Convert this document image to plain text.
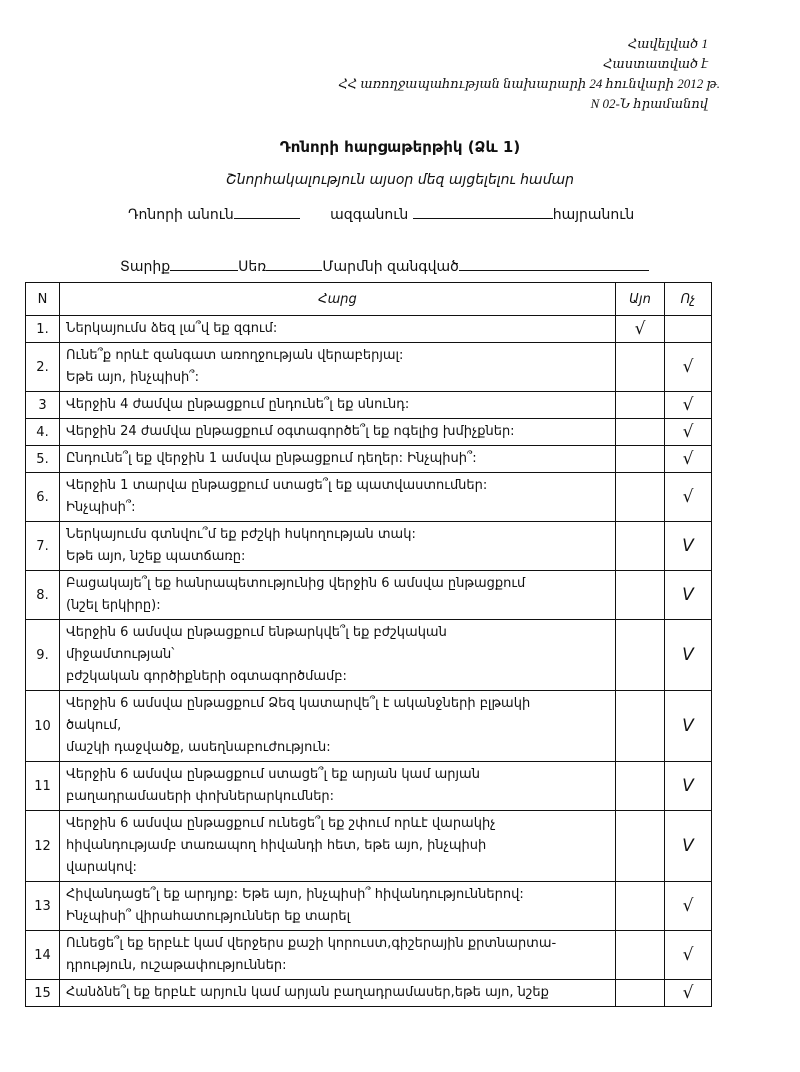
Հավելված 1
Հաստատված է
ՀՀ առողջապահության նախարարի 24 հունվարի 2012 թ.
N 02-Ն հրամանով
Դոնորի հարցաթերթիկ (Ձև 1)
Շնորհակալություն այսօր մեզ այցելելու համար
Դոնորի անուն	ազգանուն	հայրանուն
Տարիք	Սեռ	Մարմնի զանգված
N	Հարց	Այո	Ոչ
1.	Ներկայումս ձեզ լա՞վ եք զգում:	√	
2.	Ունե՞ք որևէ զանգատ առողջության վերաբերյալ:
Եթե այո, ինչպիսի՞:		√
3	Վերջին 4 ժամվա ընթացքում ընդունե՞լ եք սնունդ:		√
4.	Վերջին 24 ժամվա ընթացքում օգտագործե՞լ եք ոգելից խմիչքներ:		√
5.	Ընդունե՞լ եք վերջին 1 ամսվա ընթացքում դեղեր: Ինչպիսի՞:		√
6.	Վերջին 1 տարվա ընթացքում ստացե՞լ եք պատվաստումներ:
Ինչպիսի՞:		√
7.	Ներկայումս գտնվու՞մ եք բժշկի հսկողության տակ:
Եթե այո, նշեք պատճառը:		V
8.	Բացակայե՞լ եք հանրապետությունից վերջին 6 ամսվա ընթացքում
(նշել երկիրը):		V
9.	Վերջին 6 ամսվա ընթացքում ենթարկվե՞լ եք բժշկական
միջամտության՝
բժշկական գործիքների օգտագործմամբ:		V
10	Վերջին 6 ամսվա ընթացքում Ձեզ կատարվե՞լ է ականջների բլթակի
ծակում,
մաշկի դաջվածք, ասեղնաբուժություն:		V
11	Վերջին 6 ամսվա ընթացքում ստացե՞լ եք արյան կամ արյան
բաղադրամասերի փոխներարկումներ:		V
12	Վերջին 6 ամսվա ընթացքում ունեցե՞լ եք շփում որևէ վարակիչ
հիվանդությամբ տառապող հիվանդի հետ, եթե այո, ինչպիսի
վարակով:		V
13	Հիվանդացե՞լ եք արդյոք: Եթե այո, ինչպիսի՞ հիվանդություններով:
Ինչպիսի՞ վիրահատություններ եք տարել		√
14	Ունեցե՞լ եք երբևէ կամ վերջերս քաշի կորուստ,գիշերային քրտնարտա-
դրություն, ուշաթափություններ:		√
15	Հանձնե՞լ եք երբևէ արյուն կամ արյան բաղադրամասեր,եթե այո, նշեք		√
